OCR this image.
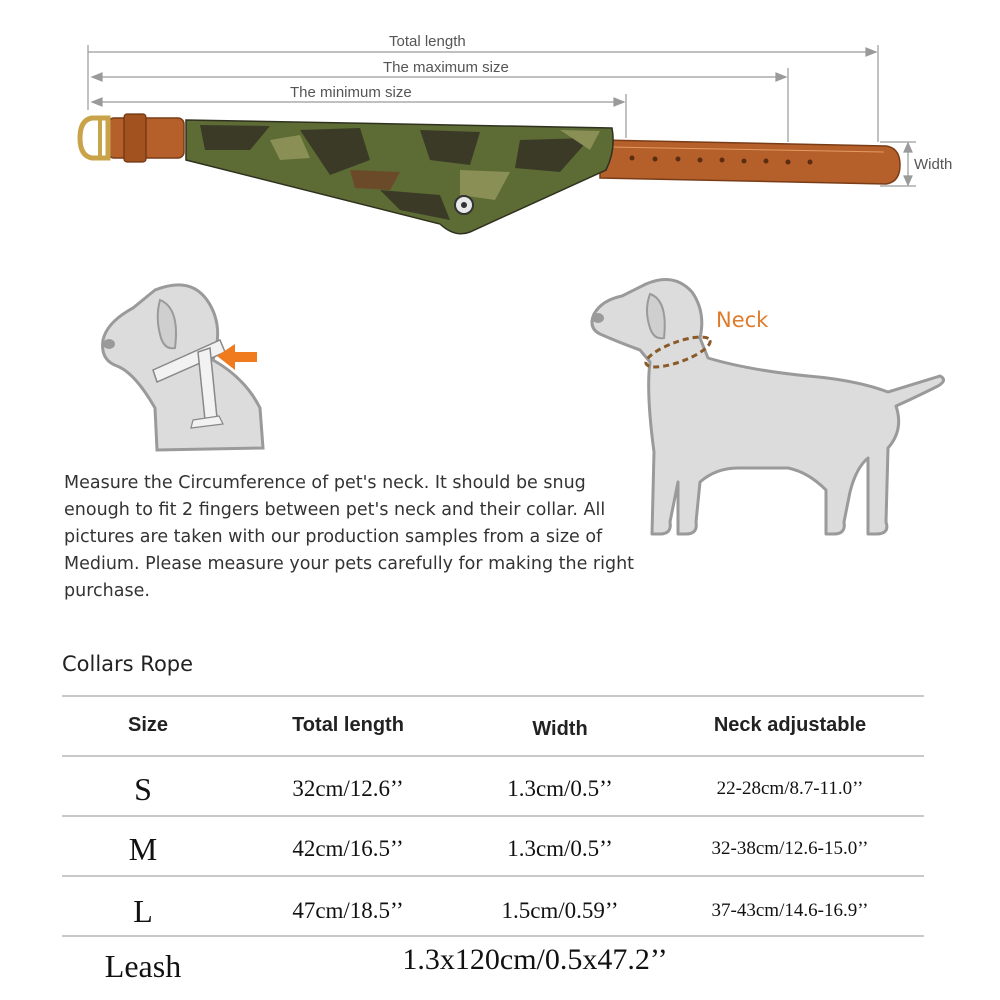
Total length
The maximum size
The minimum size
Width
Neck
Measure the Circumference of pet's neck. It should be snug enough to fit 2 fingers between pet's neck and their collar. All pictures are taken with our production samples from a size of Medium. Please measure your pets carefully for making the right purchase.
Collars Rope
Size	Total length	Width	Neck adjustable
S	32cm/12.6’’	1.3cm/0.5’’	22-28cm/8.7-11.0’’
M	42cm/16.5’’	1.3cm/0.5’’	32-38cm/12.6-15.0’’
L	47cm/18.5’’	1.5cm/0.59’’	37-43cm/14.6-16.9’’
Leash	1.3x120cm/0.5x47.2’’
